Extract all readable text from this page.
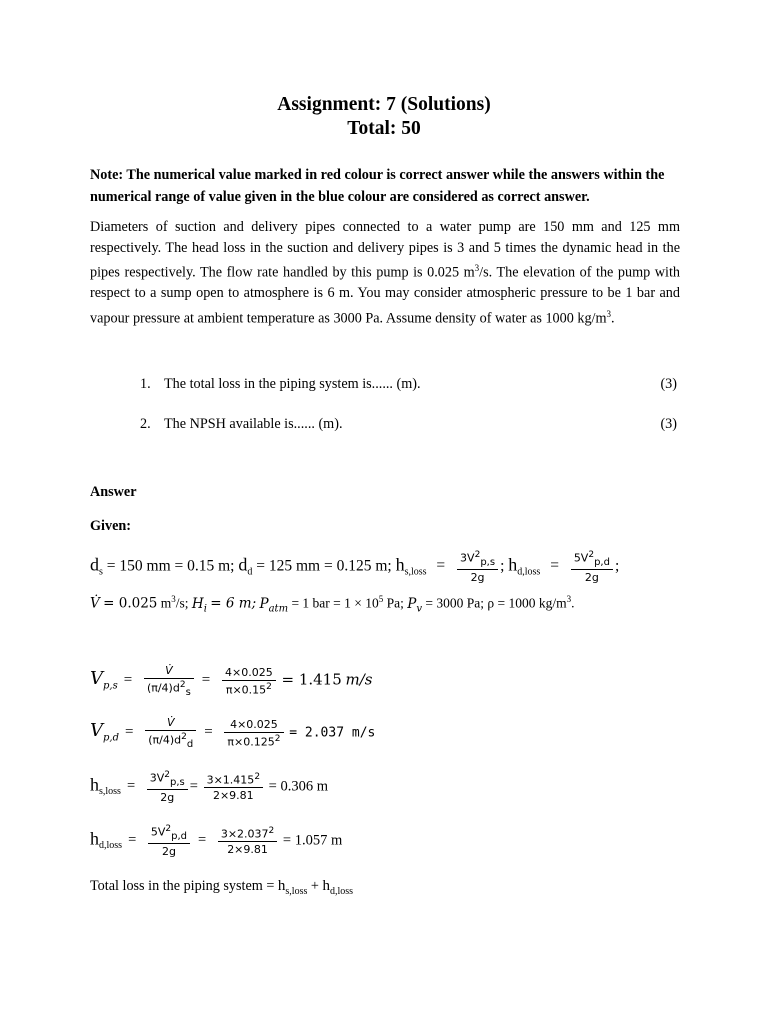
Assignment: 7 (Solutions)
Total: 50
Note: The numerical value marked in red colour is correct answer while the answers within the numerical range of value given in the blue colour are considered as correct answer.
Diameters of suction and delivery pipes connected to a water pump are 150 mm and 125 mm respectively. The head loss in the suction and delivery pipes is 3 and 5 times the dynamic head in the pipes respectively. The flow rate handled by this pump is 0.025 $m^3/s$. The elevation of the pump with respect to a sump open to atmosphere is 6 m. You may consider atmospheric pressure to be 1 bar and vapour pressure at ambient temperature as 3000 Pa. Assume density of water as 1000 $kg/m^3$.
1. The total loss in the piping system is...... (m).	(3)
2. The NPSH available is...... (m).	(3)
Answer
Given:
$d_s = 150$ mm = 0.15 m; $d_d = 125$ mm = 0.125 m; $h_{s,loss} = \frac{3V^2_{p,s}}{2g}$ ; $h_{d,loss} = \frac{5V^2_{p,d}}{2g}$ ;
V̇ = 0.025 $m^3/s$; $H_i = 6$ m; $P_{atm} = 1$ bar = $1 \times 10^5$ Pa; $P_v = 3000$ Pa; ρ = 1000 $kg/m^3$.
$V_{p,s} = \frac{V̇}{(\pi/4)d^2_s} = \frac{4\times 0.025}{\pi\times 0.15^2} = 1.415$ m/s
$V_{p,d} = \frac{V̇}{(\pi/4)d^2_d} = \frac{4\times 0.025}{\pi\times 0.125^2} = 2.037$ m/s
$h_{s,loss} = \frac{3V^2_{p,s}}{2g} = \frac{3\times 1.415^2}{2\times 9.81} = 0.306$ m
$h_{d,loss} = \frac{5V^2_{p,d}}{2g} = \frac{3\times 2.037^2}{2\times 9.81} = 1.057$ m
Total loss in the piping system = $h_{s,loss} + h_{d,loss}$
